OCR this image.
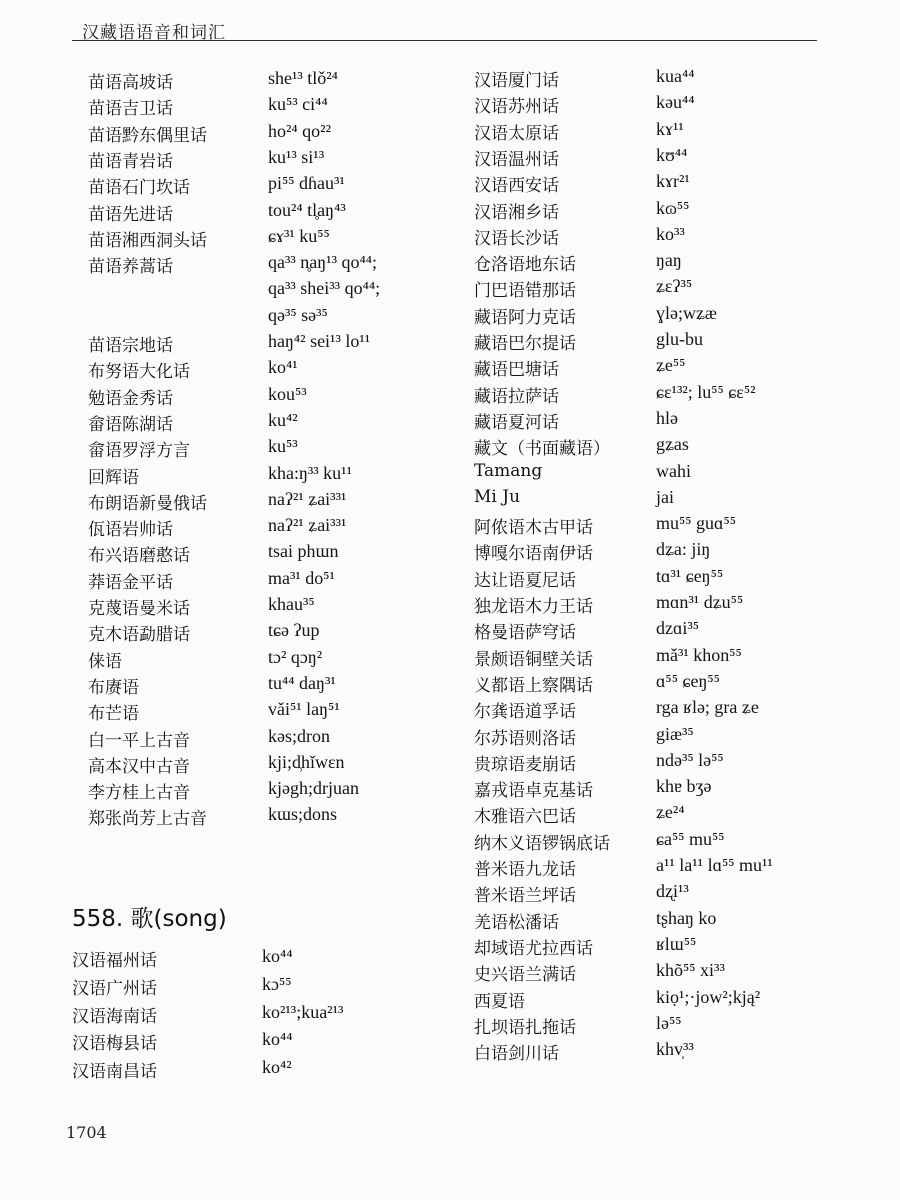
汉藏语语音和词汇
苗语高坡话	she¹³ tlǒ²⁴
苗语吉卫话	ku⁵³ ci⁴⁴
苗语黔东偶里话	ho²⁴ qo²²
苗语青岩话	ku¹³ si¹³
苗语石门坎话	pi⁵⁵ dɦau³¹
苗语先进话	tou²⁴ tl̥aŋ⁴³
苗语湘西洞头话	ɕɤ³¹ ku⁵⁵
苗语养蒿话	qa³³ n̥aŋ¹³ qo⁴⁴;
qa³³ shei³³ qo⁴⁴;
qə³⁵ sə³⁵
苗语宗地话	haŋ⁴² sei¹³ lo¹¹
布努语大化话	ko⁴¹
勉语金秀话	kou⁵³
畲语陈湖话	ku⁴²
畲语罗浮方言	ku⁵³
回辉语	kha:ŋ³³ ku¹¹
布朗语新曼俄话	naʔ²¹ ʑai³³¹
佤语岩帅话	naʔ²¹ ʑai³³¹
布兴语磨憨话	tsai phɯn
莽语金平话	ma³¹ do⁵¹
克蔑语曼米话	khau³⁵
克木语勐腊话	tɕə ʔup
俫语	tɔ² qɔŋ²
布赓语	tu⁴⁴ daŋ³¹
布芒语	vǎi⁵¹ laŋ⁵¹
白一平上古音	kəs;dron
高本汉中古音	kji;d̹hǐwɛn
李方桂上古音	kjəgh;drjuan
郑张尚芳上古音	kɯs;dons
558. 歌(song)
汉语福州话	ko⁴⁴
汉语广州话	kɔ⁵⁵
汉语海南话	ko²¹³;kua²¹³
汉语梅县话	ko⁴⁴
汉语南昌话	ko⁴²
汉语厦门话	kua⁴⁴
汉语苏州话	kəu⁴⁴
汉语太原话	kɤ¹¹
汉语温州话	kʊ⁴⁴
汉语西安话	kɤr²¹
汉语湘乡话	kɷ⁵⁵
汉语长沙话	ko³³
仓洛语地东话	ŋaŋ
门巴语错那话	ʑɛʔ³⁵
藏语阿力克话	ɣlə;wʑæ
藏语巴尔提话	glu-bu
藏语巴塘话	ʑe⁵⁵
藏语拉萨话	ɕɛ¹³²; lu⁵⁵ ɕɛ⁵²
藏语夏河话	hlə
藏文（书面藏语）	gʑas
Tamang	wahi
Mi Ju	jai
阿侬语木古甲话	mu⁵⁵ guɑ⁵⁵
博嘎尔语南伊话	dʑa: jiŋ
达让语夏尼话	tɑ³¹ ɕeŋ⁵⁵
独龙语木力王话	mɑn³¹ dʑu⁵⁵
格曼语萨穹话	dzɑi³⁵
景颇语铜壁关话	mǎ³¹ khon⁵⁵
义都语上察隅话	ɑ⁵⁵ ɕeŋ⁵⁵
尔龚语道孚话	rga ʁlə; gra ʑe
尔苏语则洛话	giæ³⁵
贵琼语麦崩话	ndə³⁵ lə⁵⁵
嘉戎语卓克基话	khɐ bʒə
木雅语六巴话	ʑe²⁴
纳木义语锣锅底话	ɕa⁵⁵ mu⁵⁵
普米语九龙话	a¹¹ la¹¹ lɑ⁵⁵ mu¹¹
普米语兰坪话	dʐi¹³
羌语松潘话	tʂhaŋ ko
却域语尤拉西话	ʁlɯ⁵⁵
史兴语兰满话	khõ⁵⁵ xi³³
西夏语	kiọ¹;·jow²;kją²
扎坝语扎拖话	lə⁵⁵
白语剑川话	khv̩³³
1704
